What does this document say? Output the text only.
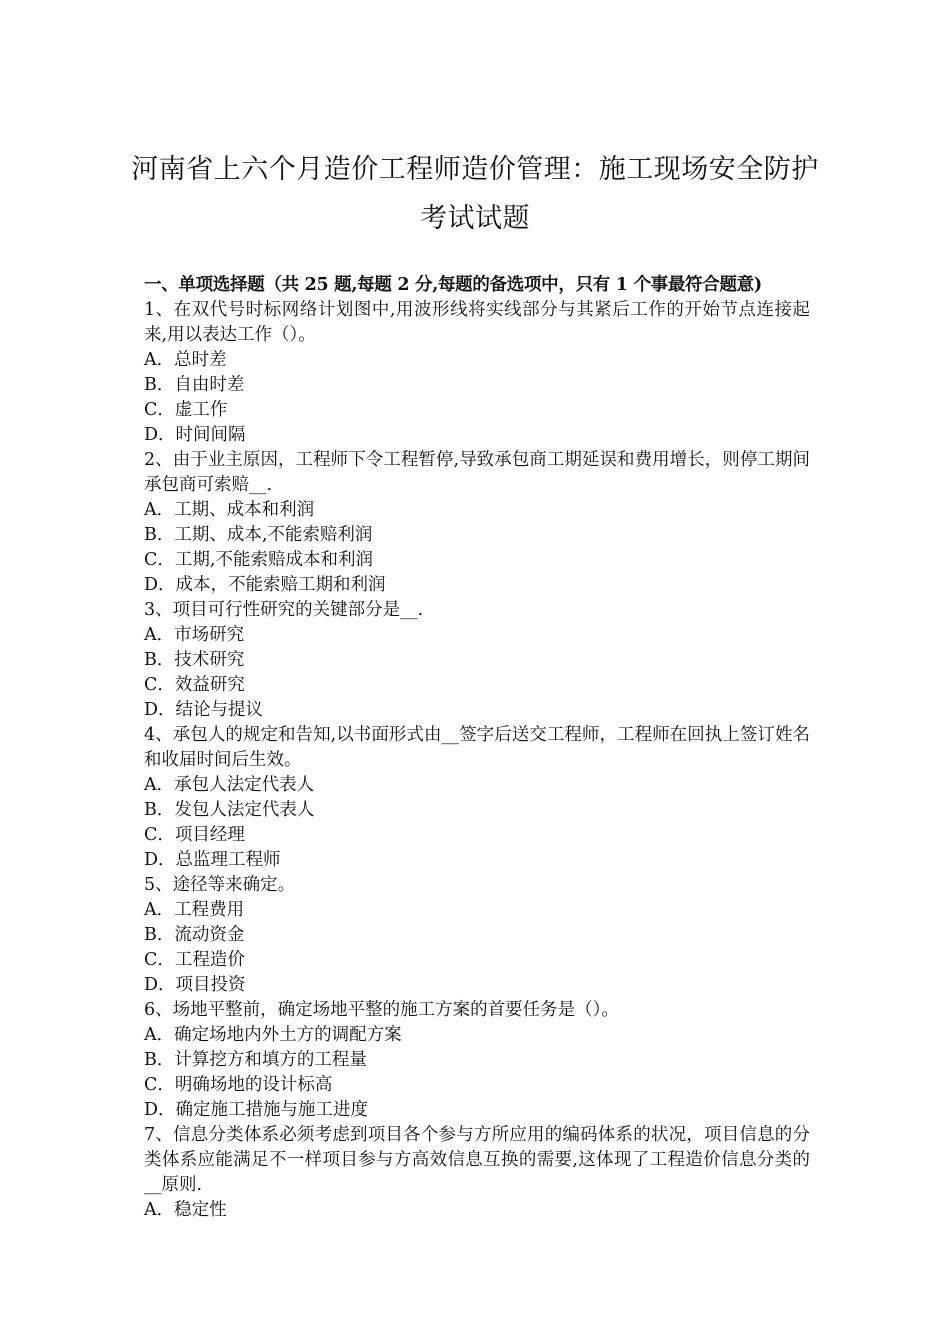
河南省上六个月造价工程师造价管理：施工现场安全防护
考试试题
一、单项选择题（共 25 题,每题 2 分,每题的备选项中，只有 1 个事最符合题意)

1、在双代号时标网络计划图中,用波形线将实线部分与其紧后工作的开始节点连接起来,用以表达工作（）。

A．总时差

B．自由时差

C．虚工作

D．时间间隔

2、由于业主原因，工程师下令工程暂停,导致承包商工期延误和费用增长，则停工期间承包商可索赔__.

A．工期、成本和利润

B．工期、成本,不能索赔利润

C．工期,不能索赔成本和利润

D．成本，不能索赔工期和利润

3、项目可行性研究的关键部分是__.

A．市场研究

B．技术研究

C．效益研究

D．结论与提议

4、承包人的规定和告知,以书面形式由__签字后送交工程师，工程师在回执上签订姓名和收届时间后生效。

A．承包人法定代表人

B．发包人法定代表人

C．项目经理

D．总监理工程师

5、途径等来确定。

A．工程费用

B．流动资金

C．工程造价

D．项目投资

6、场地平整前，确定场地平整的施工方案的首要任务是（）。

A．确定场地内外土方的调配方案

B．计算挖方和填方的工程量

C．明确场地的设计标高

D．确定施工措施与施工进度

7、信息分类体系必须考虑到项目各个参与方所应用的编码体系的状况，项目信息的分类体系应能满足不一样项目参与方高效信息互换的需要,这体现了工程造价信息分类的__原则.

A．稳定性
